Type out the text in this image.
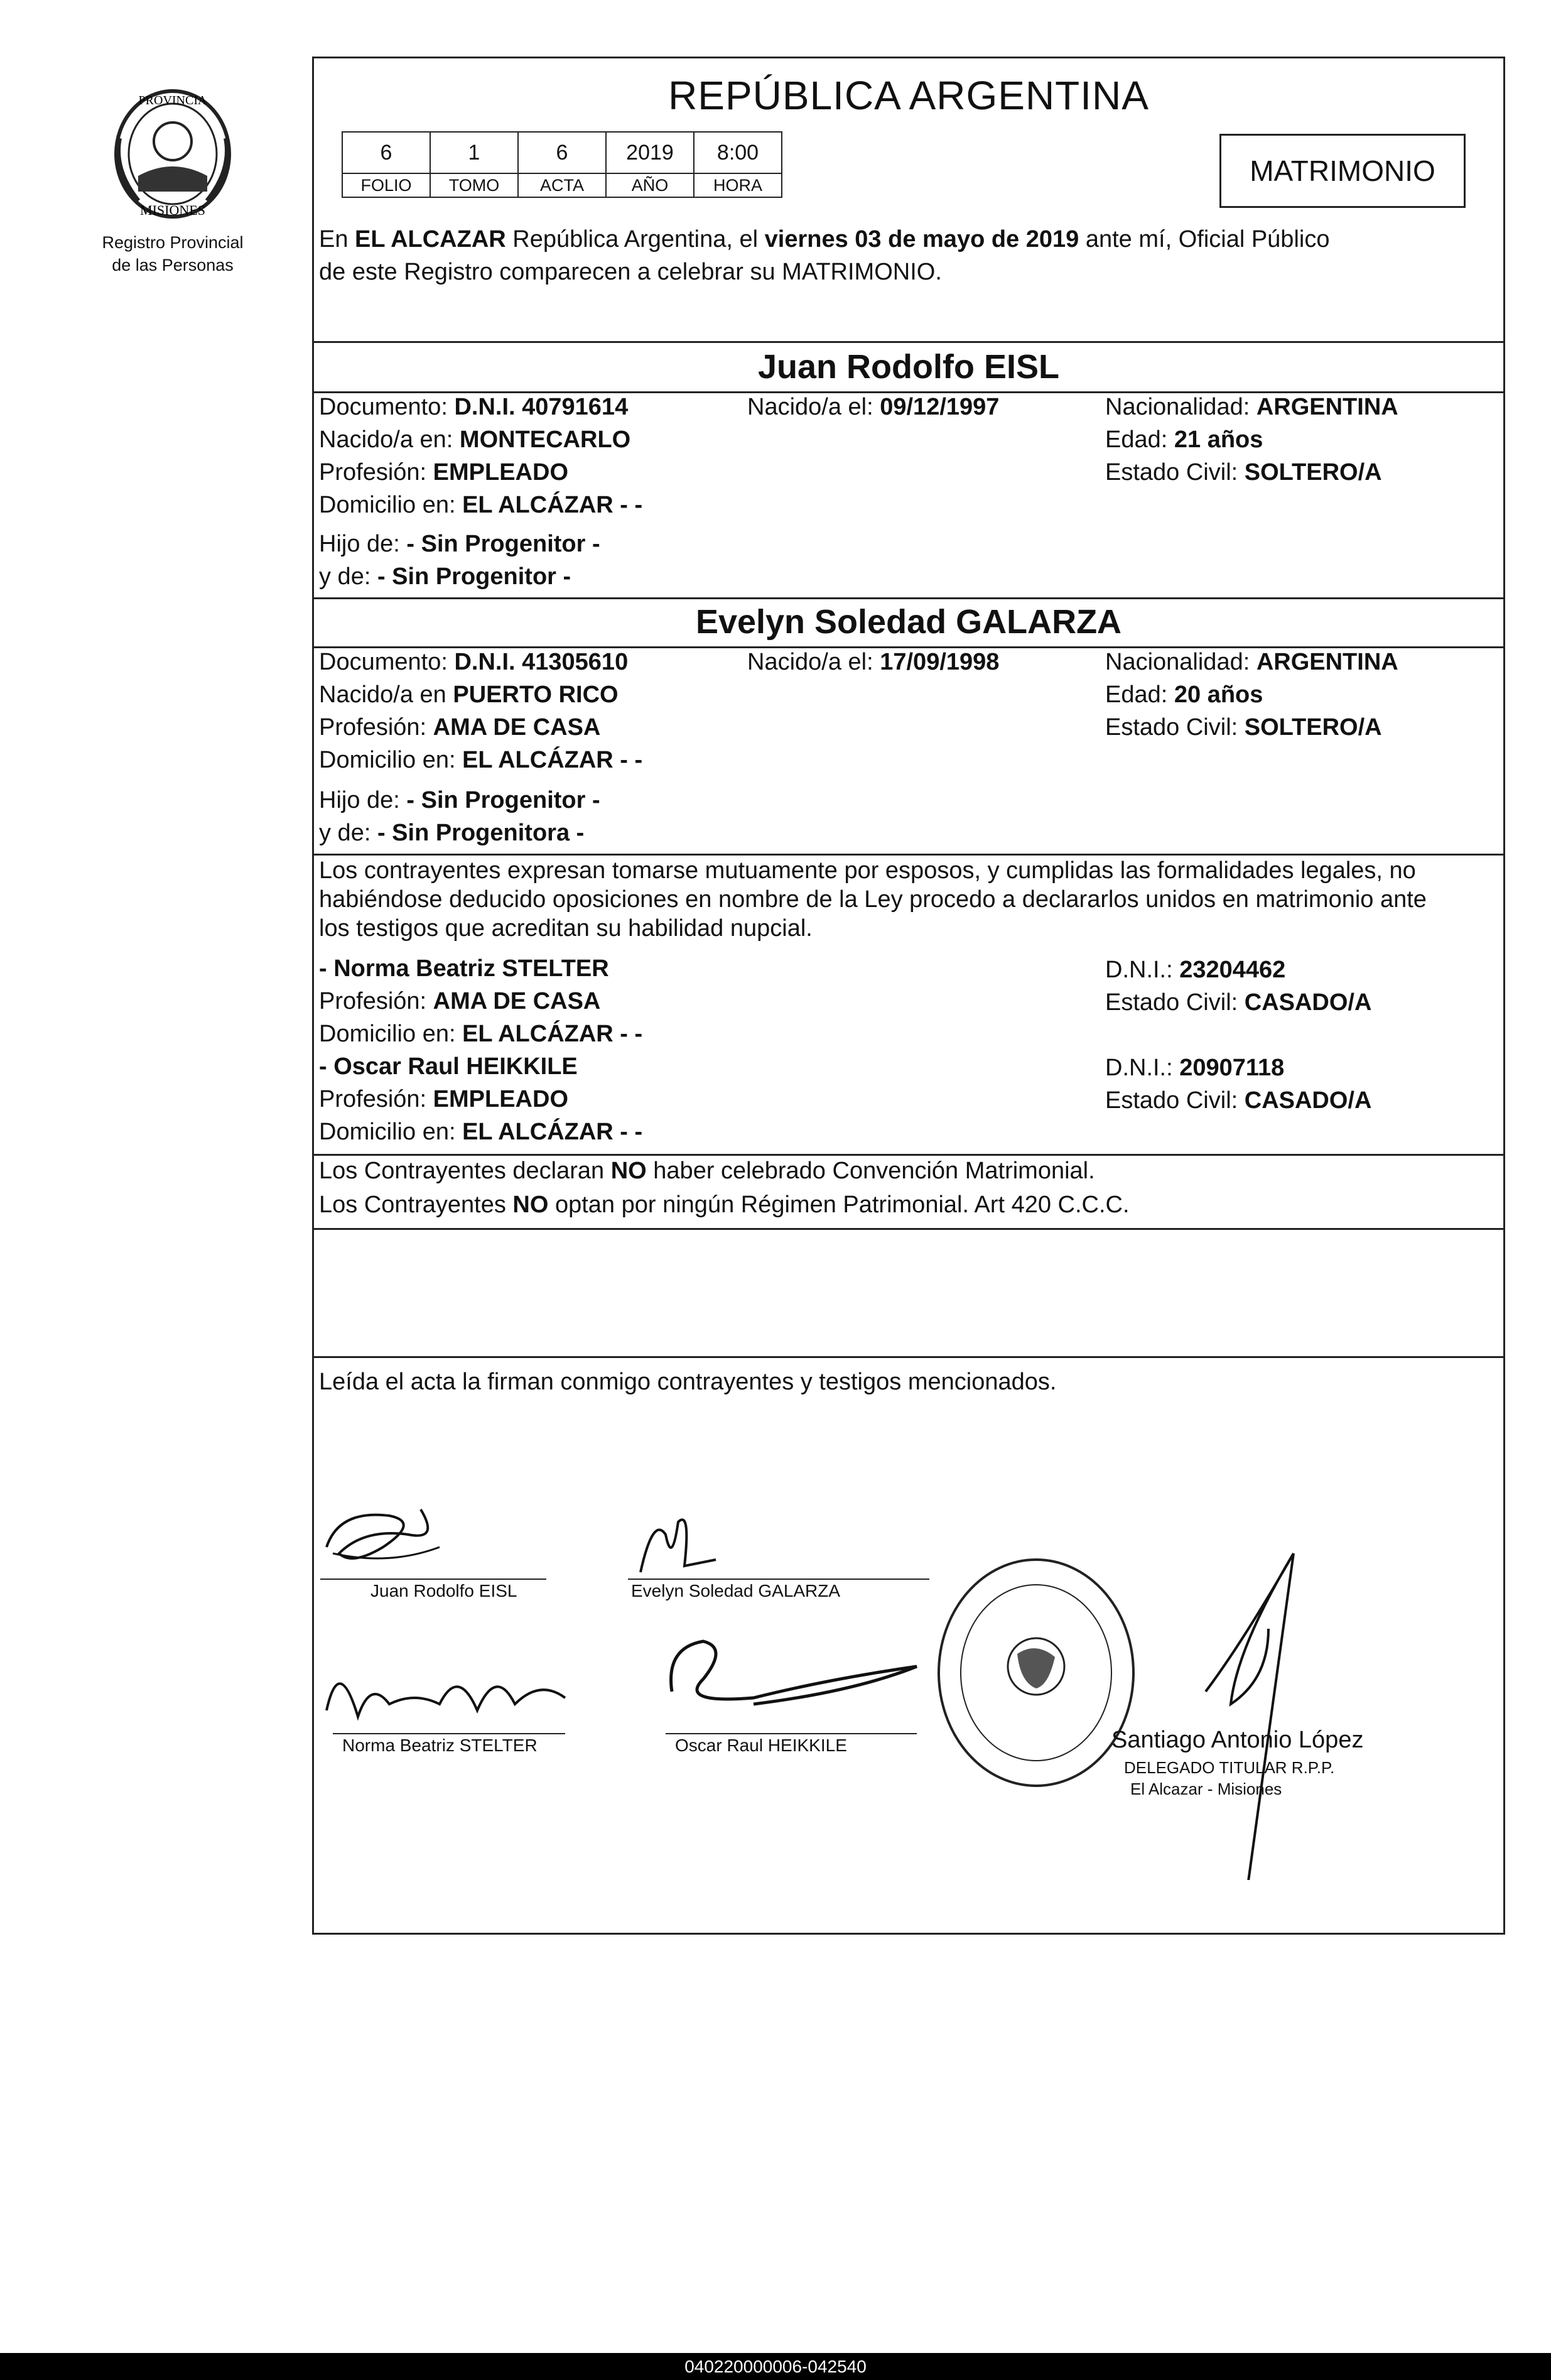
PROVINCIA
MISIONES
Registro Provincial
de las Personas
REPÚBLICA ARGENTINA
6	1	6	2019	8:00
FOLIO	TOMO	ACTA	AÑO	HORA	MATRIMONIO
En EL ALCAZAR República Argentina, el viernes 03 de mayo de 2019 ante mí, Oficial Público
de este Registro comparecen a celebrar su MATRIMONIO.
Juan Rodolfo EISL
Documento: D.N.I. 40791614	Nacido/a el: 09/12/1997	Nacionalidad: ARGENTINA
Nacido/a en: MONTECARLO	Edad: 21 años
Profesión: EMPLEADO	Estado Civil: SOLTERO/A
Domicilio en: EL ALCÁZAR - -
Hijo de: - Sin Progenitor -
y de: - Sin Progenitor -
Evelyn Soledad GALARZA
Documento: D.N.I. 41305610	Nacido/a el: 17/09/1998	Nacionalidad: ARGENTINA
Nacido/a en PUERTO RICO	Edad: 20 años
Profesión: AMA DE CASA	Estado Civil: SOLTERO/A
Domicilio en: EL ALCÁZAR - -
Hijo de: - Sin Progenitor -
y de: - Sin Progenitora -
Los contrayentes expresan tomarse mutuamente por esposos, y cumplidas las formalidades legales, no
habiéndose deducido oposiciones en nombre de la Ley procedo a declararlos unidos en matrimonio ante
los testigos que acreditan su habilidad nupcial.
- Norma Beatriz STELTER	D.N.I.: 23204462
Profesión: AMA DE CASA	Estado Civil: CASADO/A
Domicilio en: EL ALCÁZAR - -
- Oscar Raul HEIKKILE	D.N.I.: 20907118
Profesión: EMPLEADO	Estado Civil: CASADO/A
Domicilio en: EL ALCÁZAR - -
Los Contrayentes declaran NO haber celebrado Convención Matrimonial.
Los Contrayentes NO optan por ningún Régimen Patrimonial. Art 420 C.C.C.
Leída el acta la firman conmigo contrayentes y testigos mencionados.
Juan Rodolfo EISL	Evelyn Soledad GALARZA
Norma Beatriz STELTER	Oscar Raul HEIKKILE	Santiago Antonio López
DELEGADO TITULAR R.P.P.
El Alcazar - Misiones
040220000006-042540
